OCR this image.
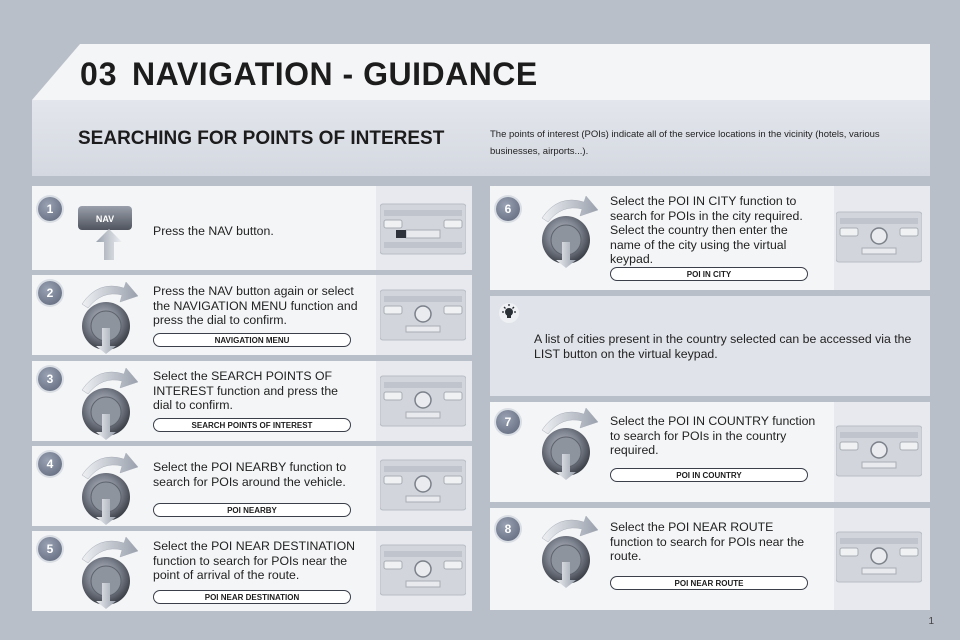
03 NAVIGATION - GUIDANCE
SEARCHING FOR POINTS OF INTEREST	The points of interest (POIs) indicate all of the service locations in the vicinity (hotels, various businesses, airports...).
1
NAV
Press the NAV button.
2	Press the NAV button again or select the NAVIGATION MENU function and press the dial to confirm.
NAVIGATION MENU
3	Select the SEARCH POINTS OF INTEREST function and press the dial to confirm.
SEARCH POINTS OF INTEREST
4	Select the POI NEARBY function to search for POIs around the vehicle.
POI NEARBY
5	Select the POI NEAR DESTINATION function to search for POIs near the point of arrival of the route.
POI NEAR DESTINATION
6
Select the POI IN CITY function to search for POIs in the city required. Select the country then enter the name of the city using the virtual keypad.
POI IN CITY
A list of cities present in the country selected can be accessed via the LIST button on the virtual keypad.
7	Select the POI IN COUNTRY function to search for POIs in the country required.
POI IN COUNTRY
8	Select the POI NEAR ROUTE function to search for POIs near the route.
POI NEAR ROUTE
1
